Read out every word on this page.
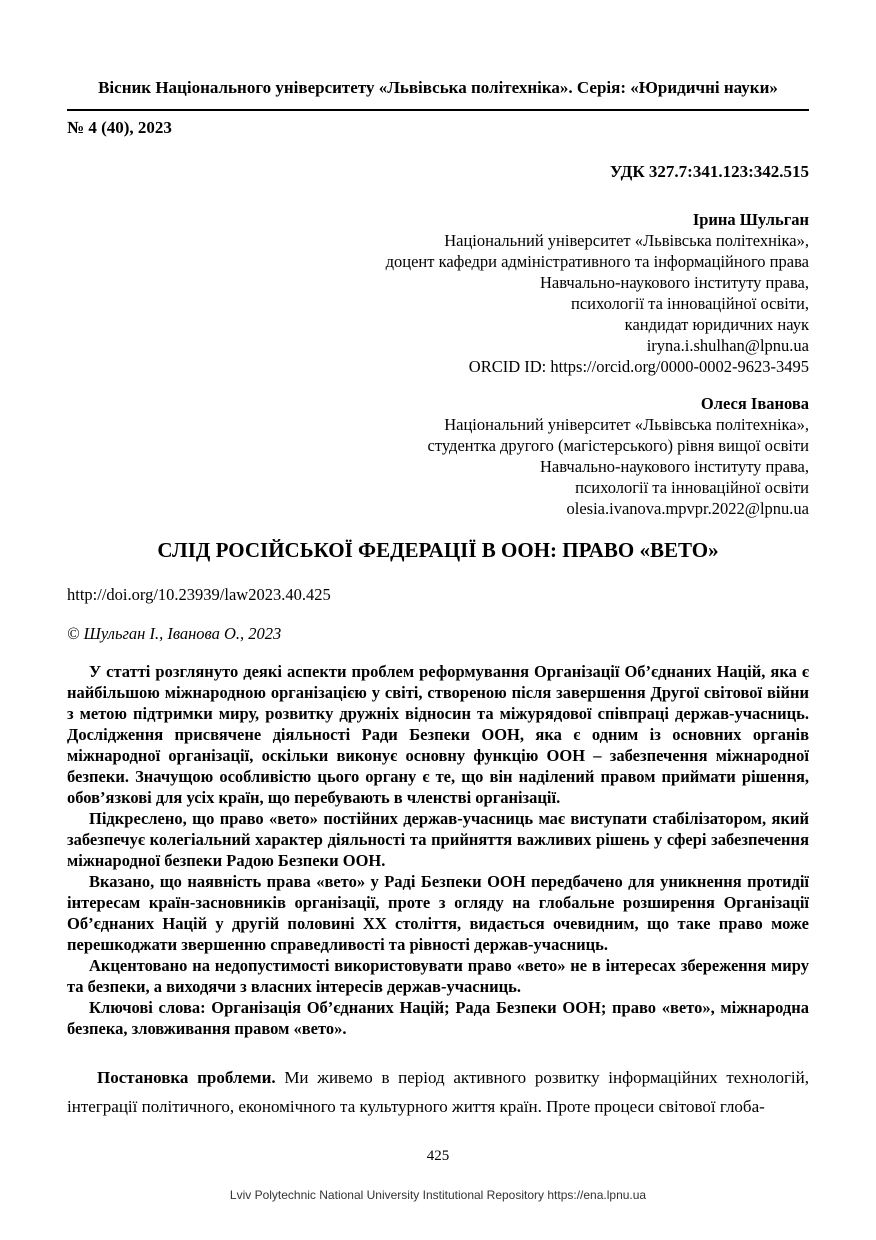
Вісник Національного університету «Львівська політехніка». Серія: «Юридичні науки»
№ 4 (40), 2023
УДК 327.7:341.123:342.515
Ірина Шульган
Національний університет «Львівська політехніка»,
доцент кафедри адміністративного та інформаційного права
Навчально-наукового інституту права,
психології та інноваційної освіти,
кандидат юридичних наук
iryna.i.shulhan@lpnu.ua
ORCID ID: https://orcid.org/0000-0002-9623-3495
Олеся Іванова
Національний університет «Львівська політехніка»,
студентка другого (магістерського) рівня вищої освіти
Навчально-наукового інституту права,
психології та інноваційної освіти
olesia.ivanova.mpvpr.2022@lpnu.ua
СЛІД РОСІЙСЬКОЇ ФЕДЕРАЦІЇ В ООН: ПРАВО «ВЕТО»
http://doi.org/10.23939/law2023.40.425
© Шульган І., Іванова О., 2023

У статті розглянуто деякі аспекти проблем реформування Організації Об’єднаних Націй, яка є найбільшою міжнародною організацією у світі, створеною після завершення Другої світової війни з метою підтримки миру, розвитку дружніх відносин та міжурядової співпраці держав-учасниць. Дослідження присвячене діяльності Ради Безпеки ООН, яка є одним із основних органів міжнародної організації, оскільки виконує основну функцію ООН – забезпечення міжнародної безпеки. Значущою особливістю цього органу є те, що він наділений правом приймати рішення, обов’язкові для усіх країн, що перебувають в членстві організації.

Підкреслено, що право «вето» постійних держав-учасниць має виступати стабілізатором, який забезпечує колегіальний характер діяльності та прийняття важливих рішень у сфері забезпечення міжнародної безпеки Радою Безпеки ООН.

Вказано, що наявність права «вето» у Раді Безпеки ООН передбачено для уникнення протидії інтересам країн-засновників організації, проте з огляду на глобальне розширення Організації Об’єднаних Націй у другій половині ХХ століття, видається очевидним, що таке право може перешкоджати звершенню справедливості та рівності держав-учасниць.

Акцентовано на недопустимості використовувати право «вето» не в інтересах збереження миру та безпеки, а виходячи з власних інтересів держав-учасниць.

Ключові слова: Організація Об’єднаних Націй; Рада Безпеки ООН; право «вето», міжнародна безпека, зловживання правом «вето».

Постановка проблеми. Ми живемо в період активного розвитку інформаційних технологій, інтеграції політичного, економічного та культурного життя країн. Проте процеси світової глоба-

425
Lviv Polytechnic National University Institutional Repository https://ena.lpnu.ua
